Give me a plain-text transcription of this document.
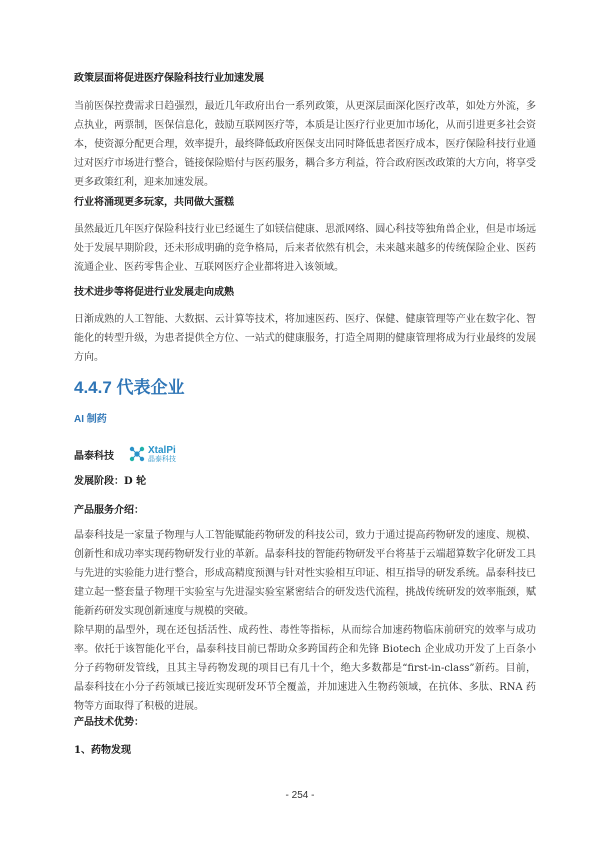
政策层面将促进医疗保险科技行业加速发展

当前医保控费需求日趋强烈，最近几年政府出台一系列政策，从更深层面深化医疗改革，如处方外流，多点执业，两票制，医保信息化，鼓励互联网医疗等，本质是让医疗行业更加市场化，从而引进更多社会资本，使资源分配更合理，效率提升，最终降低政府医保支出同时降低患者医疗成本，医疗保险科技行业通过对医疗市场进行整合，链接保险赔付与医药服务，耦合多方利益，符合政府医改政策的大方向，将享受更多政策红利，迎来加速发展。

行业将涌现更多玩家，共同做大蛋糕

虽然最近几年医疗保险科技行业已经诞生了如镁信健康、思派网络、圆心科技等独角兽企业，但是市场远处于发展早期阶段，还未形成明确的竞争格局，后来者依然有机会，未来越来越多的传统保险企业、医药流通企业、医药零售企业、互联网医疗企业都将进入该领域。

技术进步等将促进行业发展走向成熟

日渐成熟的人工智能、大数据、云计算等技术，将加速医药、医疗、保健、健康管理等产业在数字化、智能化的转型升级，为患者提供全方位、一站式的健康服务，打造全周期的健康管理将成为行业最终的发展方向。

4.4.7 代表企业

AI 制药

晶泰科技
XtalPi
晶泰科技

发展阶段：D 轮

产品服务介绍：

晶泰科技是一家量子物理与人工智能赋能药物研发的科技公司，致力于通过提高药物研发的速度、规模、创新性和成功率实现药物研发行业的革新。晶泰科技的智能药物研发平台将基于云端超算数字化研发工具与先进的实验能力进行整合，形成高精度预测与针对性实验相互印证、相互指导的研发系统。晶泰科技已建立起一整套量子物理干实验室与先进湿实验室紧密结合的研发迭代流程，挑战传统研发的效率瓶颈，赋能新药研发实现创新速度与规模的突破。

除早期的晶型外，现在还包括活性、成药性、毒性等指标，从而综合加速药物临床前研究的效率与成功率。依托于该智能化平台，晶泰科技目前已帮助众多跨国药企和先锋 Biotech 企业成功开发了上百条小分子药物研发管线，且其主导药物发现的项目已有几十个，绝大多数都是“first-in-class”新药。目前，晶泰科技在小分子药领域已接近实现研发环节全覆盖，并加速进入生物药领域，在抗体、多肽、RNA 药物等方面取得了积极的进展。

产品技术优势：

1、药物发现

- 254 -
